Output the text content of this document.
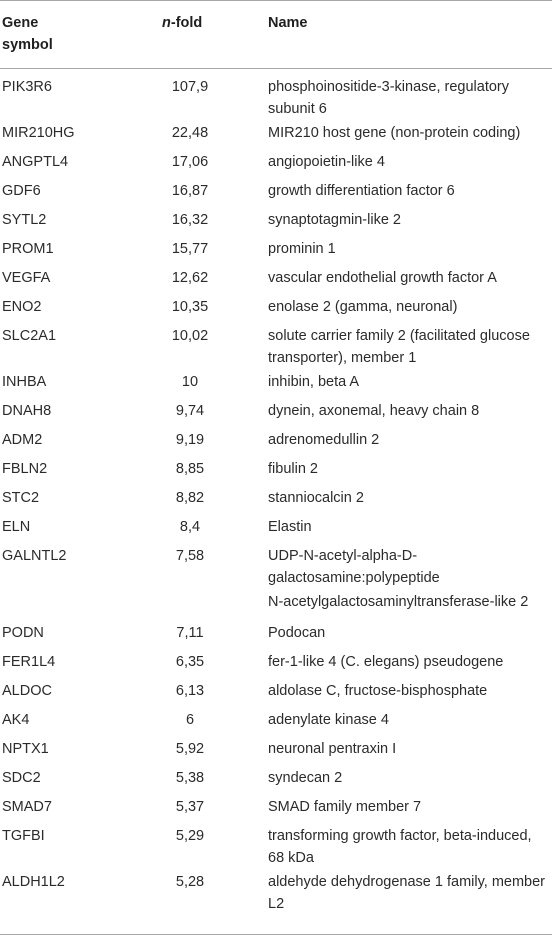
Gene
symbol
n-fold	Name
PIK3R6	107,9	phosphoinositide-3-kinase, regulatory subunit 6
MIR210HG	22,48	MIR210 host gene (non-protein coding)
ANGPTL4	17,06	angiopoietin-like 4
GDF6	16,87	growth differentiation factor 6
SYTL2	16,32	synaptotagmin-like 2
PROM1	15,77	prominin 1
VEGFA	12,62	vascular endothelial growth factor A
ENO2	10,35	enolase 2 (gamma, neuronal)
SLC2A1	10,02	solute carrier family 2 (facilitated glucose transporter), member 1
INHBA	10	inhibin, beta A
DNAH8	9,74	dynein, axonemal, heavy chain 8
ADM2	9,19	adrenomedullin 2
FBLN2	8,85	fibulin 2
STC2	8,82	stanniocalcin 2
ELN	8,4	Elastin
GALNTL2	7,58	UDP-N-acetyl-alpha-D-galactosamine:polypeptide
N-acetylgalactosaminyltransferase-like 2
PODN	7,11	Podocan
FER1L4	6,35	fer-1-like 4 (C. elegans) pseudogene
ALDOC	6,13	aldolase C, fructose-bisphosphate
AK4	6	adenylate kinase 4
NPTX1	5,92	neuronal pentraxin I
SDC2	5,38	syndecan 2
SMAD7	5,37	SMAD family member 7
TGFBI	5,29	transforming growth factor, beta-induced, 68 kDa
ALDH1L2	5,28	aldehyde dehydrogenase 1 family, member L2
